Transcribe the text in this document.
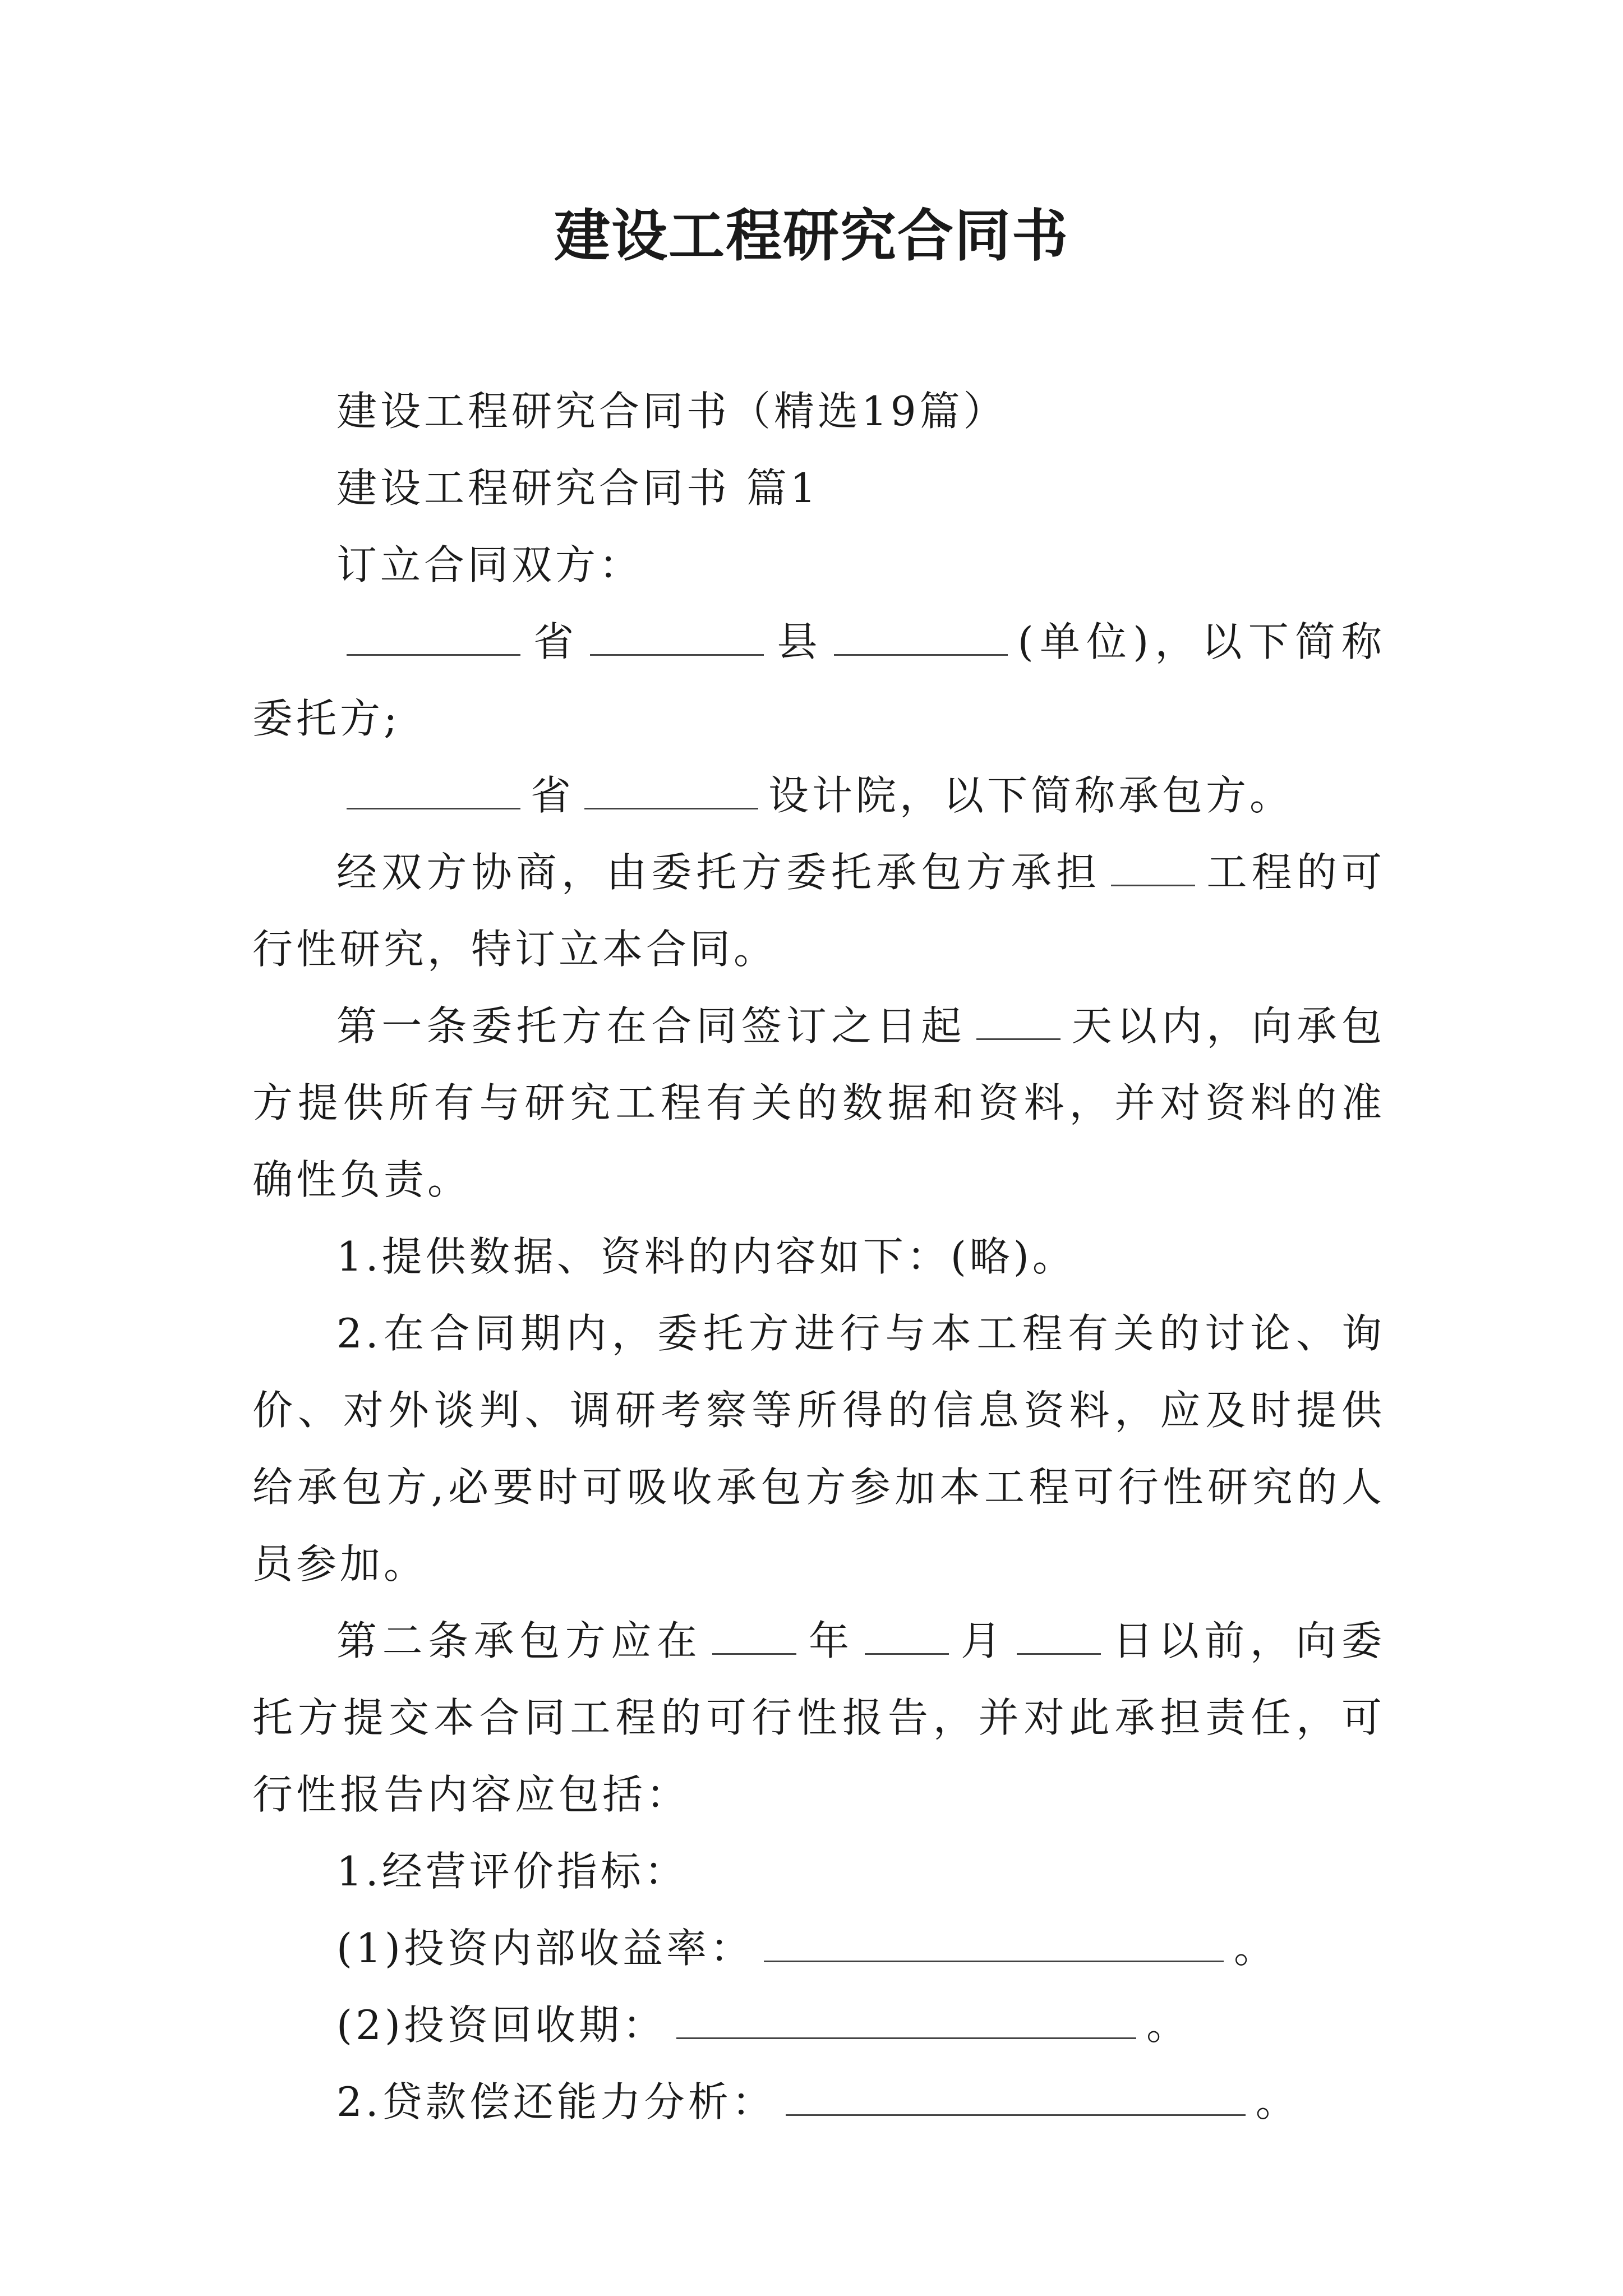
建设工程研究合同书

建设工程研究合同书（精选19篇）

建设工程研究合同书 篇1

订立合同双方：

省	县	(单位)，以下简称委托方;

省	设计院，以下简称承包方。

经双方协商，由委托方委托承包方承担	工程的可行性研究，特订立本合同。

第一条委托方在合同签订之日起	天以内，向承包方提供所有与研究工程有关的数据和资料，并对资料的准确性负责。

1.提供数据、资料的内容如下：(略)。

2.在合同期内，委托方进行与本工程有关的讨论、询价、对外谈判、调研考察等所得的信息资料，应及时提供给承包方,必要时可吸收承包方参加本工程可行性研究的人员参加。

第二条承包方应在	年	月	日以前，向委托方提交本合同工程的可行性报告，并对此承担责任，可行性报告内容应包括：

1.经营评价指标：

(1)投资内部收益率：	。

(2)投资回收期：	。

2.贷款偿还能力分析：	。
